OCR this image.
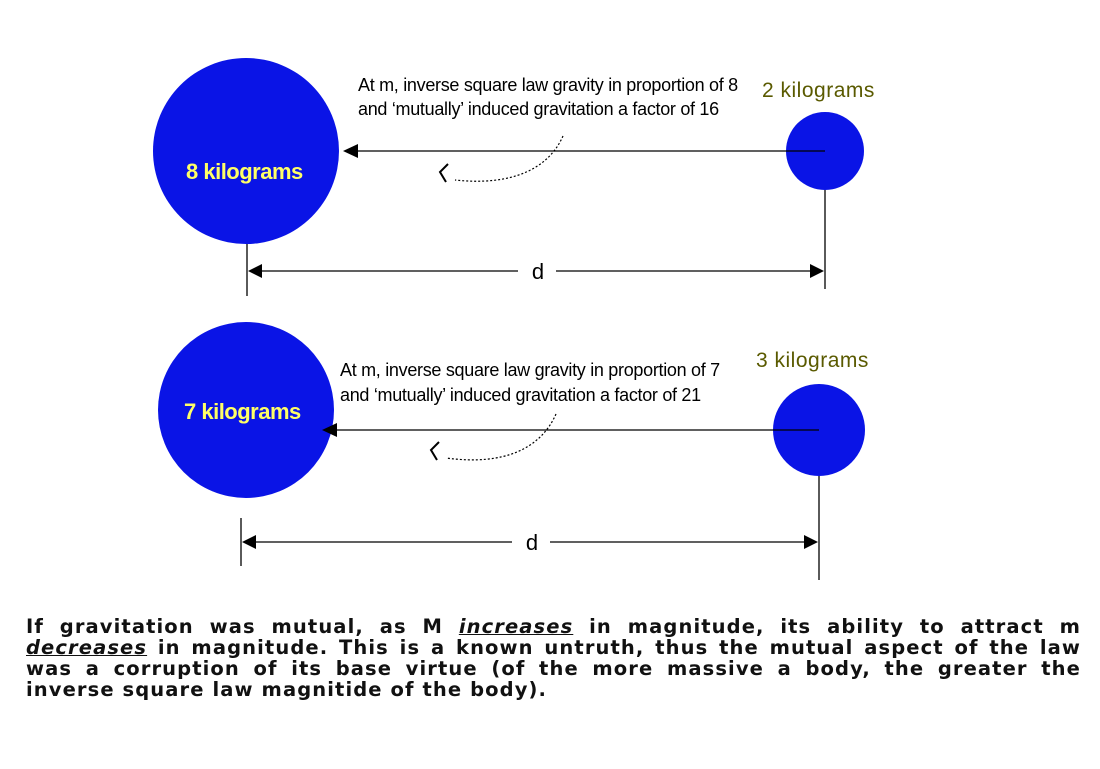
8 kilograms
2 kilograms
At m, inverse square law gravity in proportion of 8
and ‘mutually’ induced gravitation a factor of 16
d
7 kilograms
3 kilograms
At m, inverse square law gravity in proportion of 7
and ‘mutually’ induced gravitation a factor of 21
d
If gravitation was mutual, as M increases in magnitude, its ability to attract m decreases in magnitude. This is a known untruth, thus the mutual aspect of the law was a corruption of its base virtue (of the more massive a body, the greater the inverse square law magnitide of the body).
